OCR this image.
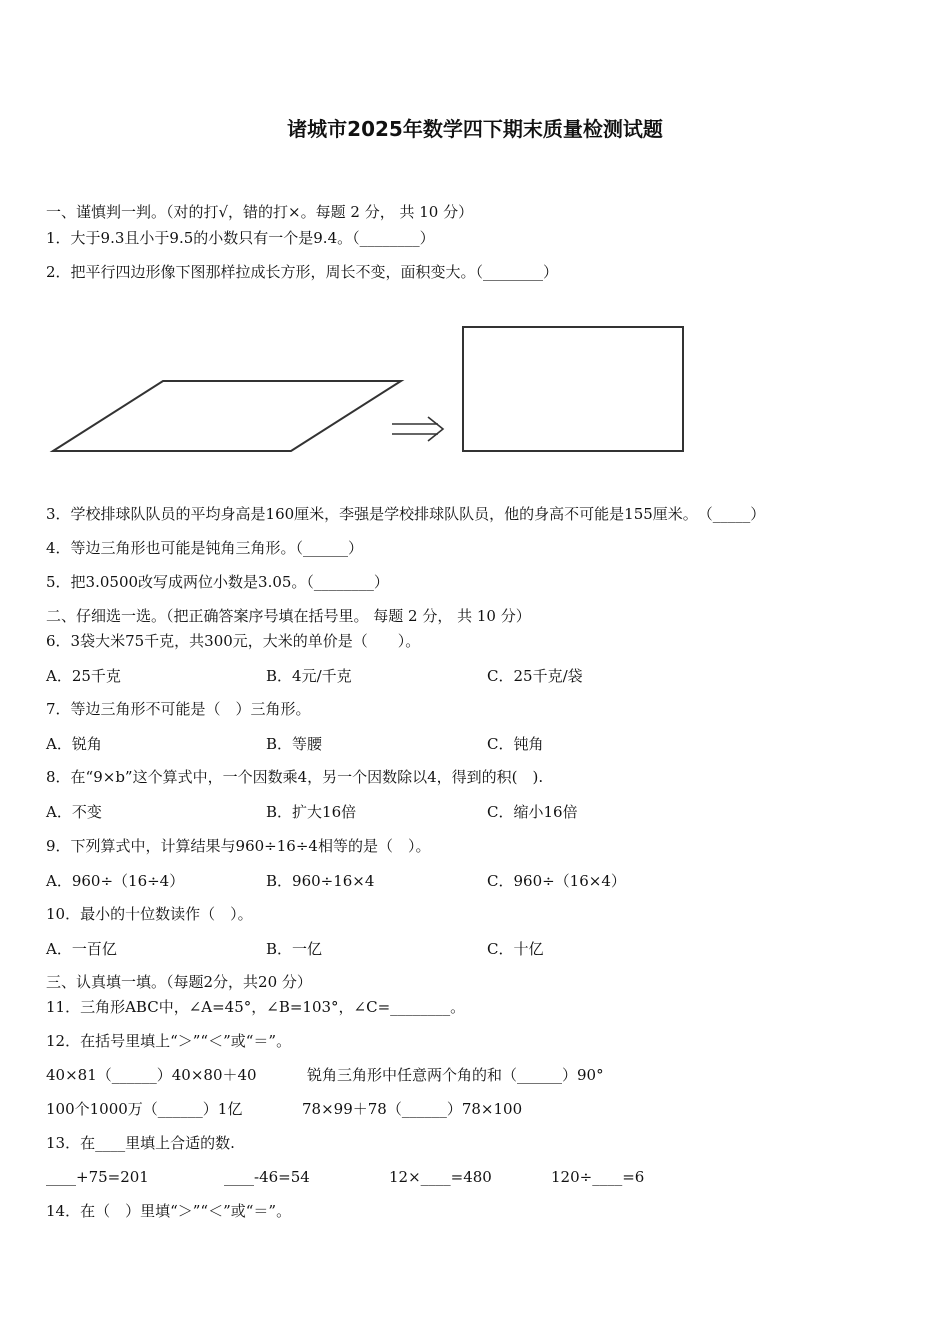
诸城市2025年数学四下期末质量检测试题
一、谨慎判一判。（对的打√，错的打×。每题 2 分， 共 10 分）
1．大于9.3且小于9.5的小数只有一个是9.4。（________）
2．把平行四边形像下图那样拉成长方形，周长不变，面积变大。（________）
3．学校排球队队员的平均身高是160厘米，李强是学校排球队队员，他的身高不可能是155厘米。　（_____）
4．等边三角形也可能是钝角三角形。（______）
5．把3.0500改写成两位小数是3.05。（________）
二、仔细选一选。（把正确答案序号填在括号里。 每题 2 分， 共 10 分）
6．3袋大米75千克，共300元，大米的单价是（　　）。
A．25千克	B．4元/千克	C．25千克/袋
7．等边三角形不可能是（　）三角形。
A．锐角	B．等腰	C．钝角
8．在“9×b”这个算式中，一个因数乘4，另一个因数除以4，得到的积(　).
A．不变	B．扩大16倍	C．缩小16倍
9．下列算式中，计算结果与960÷16÷4相等的是（　）。
A．960÷（16÷4）	B．960÷16×4	C．960÷（16×4）
10．最小的十位数读作（　）。
A．一百亿	B．一亿	C．十亿
三、认真填一填。（每题2分，共20 分）
11．三角形ABC中，∠A=45°，∠B=103°，∠C=________。
12．在括号里填上“＞”“＜”或“＝”。
40×81（______）40×80＋40	锐角三角形中任意两个角的和（______）90°
100个1000万（______）1亿	78×99＋78（______）78×100
13．在____里填上合适的数.
____+75=201	____-46=54	12×____=480	120÷____=6
14．在（　）里填“＞”“＜”或“＝”。
